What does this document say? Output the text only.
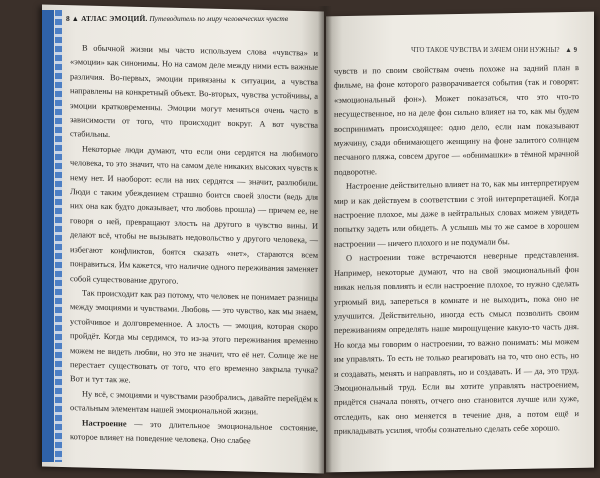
8 ▲ АТЛАС ЭМОЦИЙ. Путеводитель по миру человеческих чувств
ЧТО ТАКОЕ ЧУВСТВА И ЗАЧЕМ ОНИ НУЖНЫ? ▲ 9

В обычной жизни мы часто используем слова «чувства» и «эмоции» как синонимы. Но на самом деле между ними есть важные различия. Во-первых, эмоции привязаны к ситуации, а чувства направлены на конкретный объект. Во-вторых, чувства устойчивы, а эмоции кратковременны. Эмоции могут меняться очень часто в зависимости от того, что происходит вокруг. А вот чувства стабильны.

Некоторые люди думают, что если они сердятся на любимого человека, то это значит, что на самом деле никаких высоких чувств к нему нет. И наоборот: если на них сердятся — значит, разлюбили. Люди с таким убеждением страшно боится своей злости (ведь для них она как будто доказывает, что любовь прошла) — причем ее, не говоря о ней, превращают злость на другого в чувство вины. И делают всё, чтобы не вызывать недовольство у другого человека, — избегают конфликтов, боятся сказать «нет», стараются всем понравиться. Им кажется, что наличие одного переживания заменяет собой существование другого.

Так происходит как раз потому, что человек не понимает разницы между эмоциями и чувствами. Любовь — это чувство, как мы знаем, устойчивое и долговременное. А злость — эмоция, которая скоро пройдёт. Когда мы сердимся, то из-за этого переживания временно можем не видеть любви, но это не значит, что её нет. Солнце же не перестает существовать от того, что его временно закрыла тучка? Вот и тут так же.

Ну всё, с эмоциями и чувствами разобрались, давайте перейдём к остальным элементам нашей эмоциональной жизни.

Настроение — это длительное эмоциональное состояние, которое влияет на поведение человека. Оно слабее

чувств и по своим свойствам очень похоже на задний план в фильме, на фоне которого разворачивается события (так и говорят: «эмоциональный фон»). Может показаться, что это что-то несущественное, но на деле фон сильно влияет на то, как мы будем воспринимать происходящее: одно дело, если нам показывают мужчину, сзади обнимающего женщину на фоне залитого солнцем песчаного пляжа, совсем другое — «обнимашки» в тёмной мрачной подворотне.

Настроение действительно влияет на то, как мы интерпретируем мир и как действуем в соответствии с этой интерпретацией. Когда настроение плохое, мы даже в нейтральных словах можем увидеть попытку задеть или обидеть. А услышь мы то же самое в хорошем настроении — ничего плохого и не подумали бы.

О настроении тоже встречаются неверные представления. Например, некоторые думают, что на свой эмоциональный фон никак нельзя повлиять и если настроение плохое, то нужно сделать угрюмый вид, запереться в комнате и не выходить, пока оно не улучшится. Действительно, иногда есть смысл позволить своим переживаниям определять наше мирощущение какую-то часть дня. Но когда мы говорим о настроении, то важно понимать: мы можем им управлять. То есть не только реагировать на то, что оно есть, но и создавать, менять и направлять, но и создавать. И — да, это труд. Эмоциональный труд. Если вы хотите управлять настроением, придётся сначала понять, отчего оно становится лучше или хуже, отследить, как оно меняется в течение дня, а потом ещё и прикладывать усилия, чтобы сознательно сделать себе хорошо.
